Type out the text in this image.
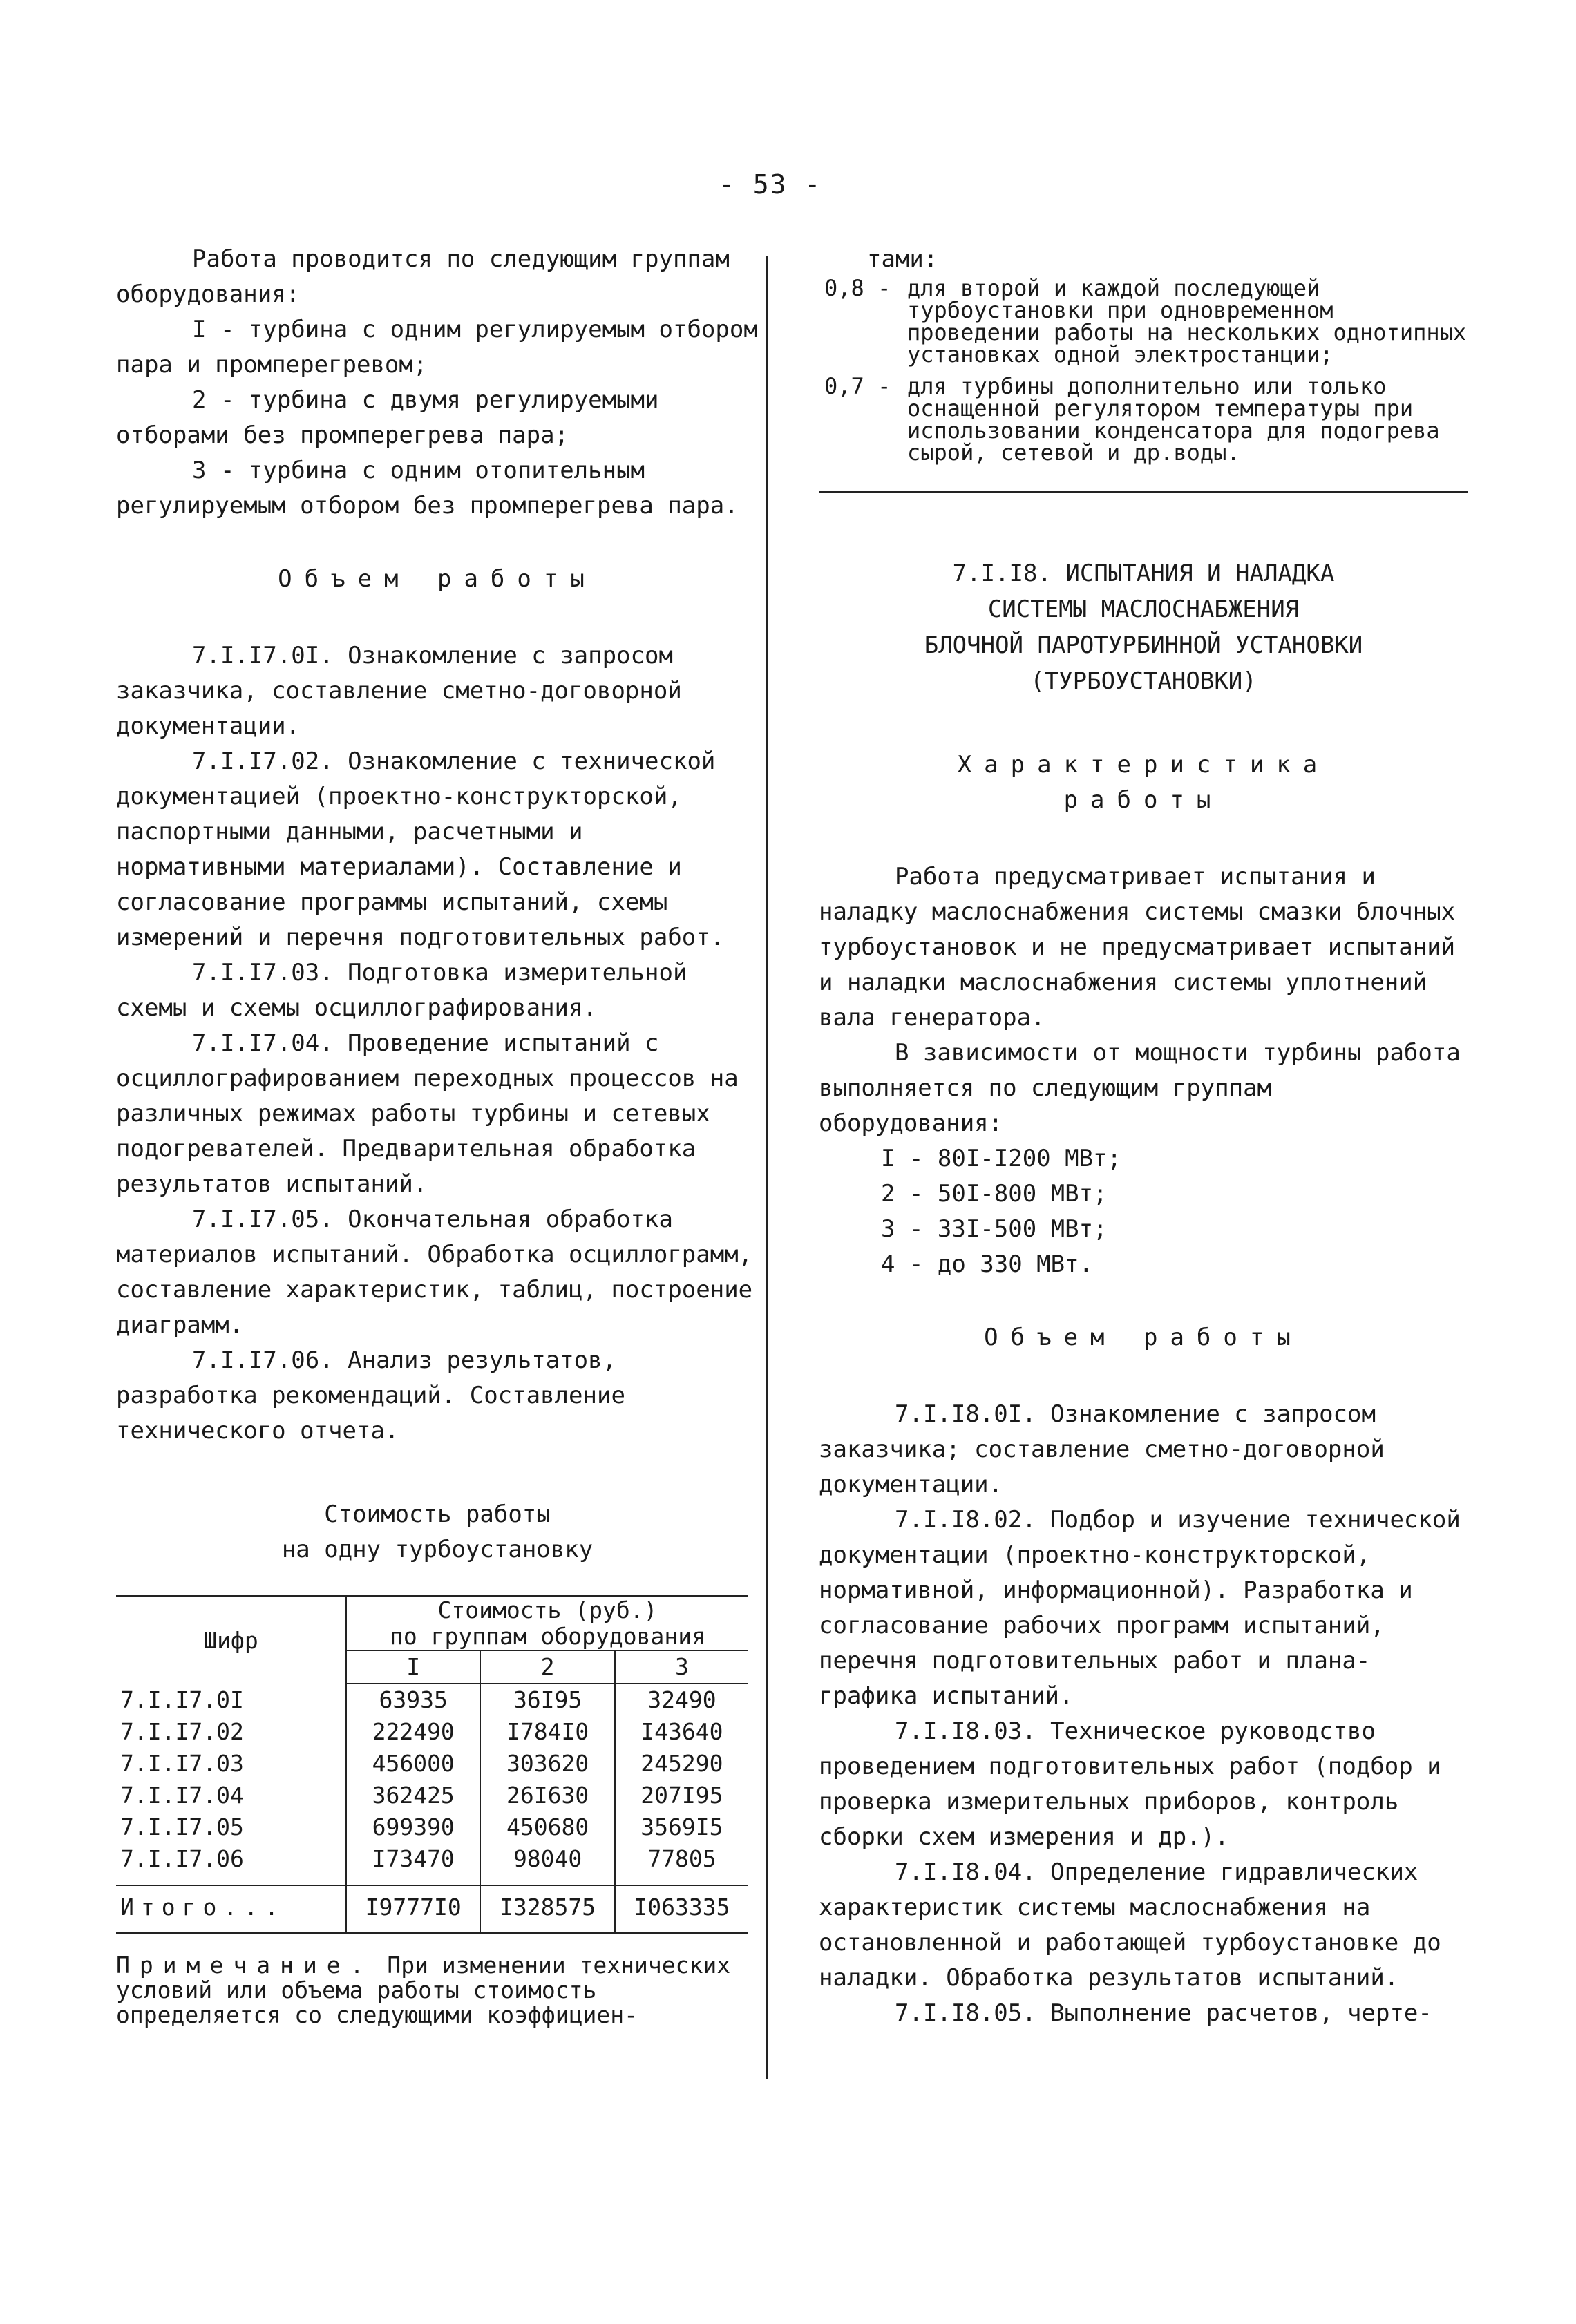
- 53 -

Работа проводится по следующим группам оборудования:

I - турбина с одним регулируемым отбором пара и промперегревом;

2 - турбина с двумя регулируемыми отборами без промперегрева пара;

3 - турбина с одним отопительным регулируемым отбором без промперегрева пара.

Объем работы

7.I.I7.0I. Ознакомление с запросом заказчика, составление сметно-договорной документации.

7.I.I7.02. Ознакомление с технической документацией (проектно-конструкторской, паспортными данными, расчетными и нормативными материалами). Составление и согласование программы испытаний, схемы измерений и перечня подготовительных работ.

7.I.I7.03. Подготовка измерительной схемы и схемы осциллографирования.

7.I.I7.04. Проведение испытаний с осциллографированием переходных процессов на различных режимах работы турбины и сетевых подогревателей. Предварительная обработка результатов испытаний.

7.I.I7.05. Окончательная обработка материалов испытаний. Обработка осциллограмм, составление характеристик, таблиц, построение диаграмм.

7.I.I7.06. Анализ результатов, разработка рекомендаций. Составление технического отчета.

Стоимость работы
на одну турбоустановку
Шифр	Стоимость (руб.)
по группам оборудования		

	I	2	3
7.I.I7.0I	63935	36I95	32490
7.I.I7.02	222490	I784I0	I43640
7.I.I7.03	456000	303620	245290
7.I.I7.04	362425	26I630	207I95
7.I.I7.05	699390	450680	3569I5
7.I.I7.06	I73470	98040	77805

Итого...	I9777I0	I328575	I063335
Примечание. При изменении технических условий или объема работы стоимость определяется со следующими коэффициен-

тами:

0,8 - для второй и каждой последующей турбоустановки при одновременном проведении работы на нескольких однотипных установках одной электростанции;
0,7 - для турбины дополнительно или только оснащенной регулятором температуры при использовании конденсатора для подогрева сырой, сетевой и др.воды.
7.I.I8. ИСПЫТАНИЯ И НАЛАДКА
СИСТЕМЫ МАСЛОСНАБЖЕНИЯ
БЛОЧНОЙ ПАРОТУРБИННОЙ УСТАНОВКИ
(ТУРБОУСТАНОВКИ)
Характеристика
работы

Работа предусматривает испытания и наладку маслоснабжения системы смазки блочных турбоустановок и не предусматривает испытаний и наладки маслоснабжения системы уплотнений вала генератора.

В зависимости от мощности турбины работа выполняется по следующим группам оборудования:

I - 80I-I200 МВт;
2 - 50I-800 МВт;
3 - 33I-500 МВт;
4 - до 330 МВт.
Объем работы

7.I.I8.0I. Ознакомление с запросом заказчика; составление сметно-договорной документации.

7.I.I8.02. Подбор и изучение технической документации (проектно-конструкторской, нормативной, информационной). Разработка и согласование рабочих программ испытаний, перечня подготовительных работ и плана-графика испытаний.

7.I.I8.03. Техническое руководство проведением подготовительных работ (подбор и проверка измерительных приборов, контроль сборки схем измерения и др.).

7.I.I8.04. Определение гидравлических характеристик системы маслоснабжения на остановленной и работающей турбоустановке до наладки. Обработка результатов испытаний.

7.I.I8.05. Выполнение расчетов, черте-
